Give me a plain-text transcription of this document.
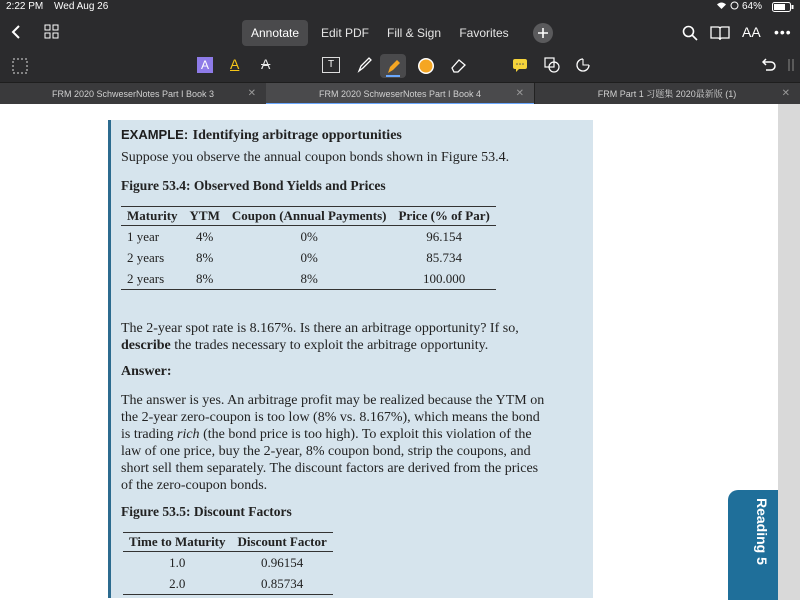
2:22 PM Wed Aug 26	64%
Annotate	Edit PDF	Fill & Sign	Favorites	AA •••
A A A	T
FRM 2020 SchweserNotes Part I Book 3	✕	FRM 2020 SchweserNotes Part I Book 4	✕	FRM Part 1 习题集 2020最新版 (1)	✕
EXAMPLE: Identifying arbitrage opportunities
Suppose you observe the annual coupon bonds shown in Figure 53.4.
Figure 53.4: Observed Bond Yields and Prices
Maturity	YTM	Coupon (Annual Payments)	Price (% of Par)
1 year	4%	0%	96.154
2 years	8%	0%	85.734
2 years	8%	8%	100.000
The 2-year spot rate is 8.167%. Is there an arbitrage opportunity? If so,
describe the trades necessary to exploit the arbitrage opportunity.
Answer:
The answer is yes. An arbitrage profit may be realized because the YTM on
the 2-year zero-coupon is too low (8% vs. 8.167%), which means the bond
is trading rich (the bond price is too high). To exploit this violation of the
law of one price, buy the 2-year, 8% coupon bond, strip the coupons, and
short sell them separately. The discount factors are derived from the prices
of the zero-coupon bonds.
Figure 53.5: Discount Factors
Time to Maturity	Discount Factor
1.0	0.96154
2.0	0.85734
Reading 5
